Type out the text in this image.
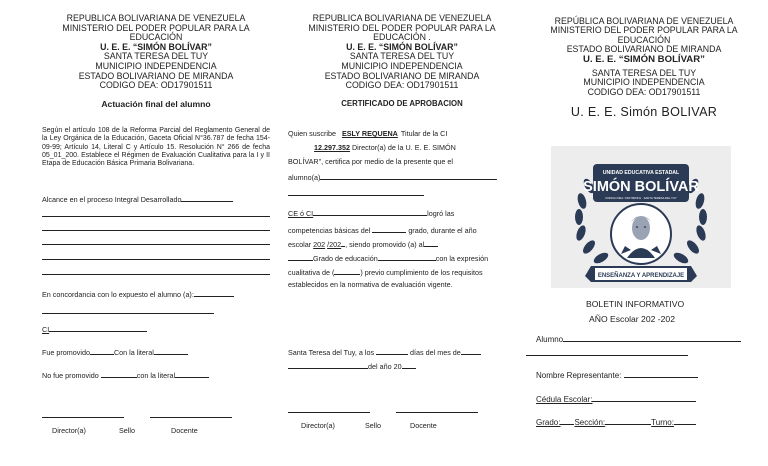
REPUBLICA BOLIVARIANA DE VENEZUELA
MINISTERIO DEL PODER POPULAR PARA LA
EDUCACIÓN
U. E. E. “SIMÓN BOLÍVAR”
SANTA TERESA DEL TUY
MUNICIPIO INDEPENDENCIA
ESTADO BOLIVARIANO DE MIRANDA
CODIGO DEA: OD17901511
Actuación final del alumno
Según el artículo 108 de la Reforma Parcial del Reglamento General de la Ley Orgánica de la Educación, Gaceta Oficial N°36.787 de fecha 154-09-99; Artículo 14, Literal C y Artículo 15. Resolución N° 266 de fecha 05_01_200. Establece el Régimen de Evaluación Cualitativa para la I y II Etapa de Educación Básica Primaria Bolivariana.
Alcance en el proceso Integral Desarrollado
En concordancia con lo expuesto el alumno (a):
CI
Fue promovido	Con la literal
No fue promovido	con la literal
Director(a)	Sello	Docente
REPUBLICA BOLIVARIANA DE VENEZUELA
MINISTERIO DEL PODER POPULAR PARA LA
EDUCACIÓN .
U. E. E. “SIMÓN BOLÍVAR”
SANTA TERESA DEL TUY
MUNICIPIO INDEPENDENCIA
ESTADO BOLIVARIANO DE MIRANDA
CODIGO DEA: OD17901511
CERTIFICADO DE APROBACION
Quien suscribe ESLY REQUENA Titular de la CI
12.297.352 Director(a) de la U. E. E. SIMÓN
BOLÍVAR", certifica por medio de la presente que el
alumno(a)
CE ó CI	logró las
competencias básicas del	grado, durante el año
escolar 202 /202 , siendo promovido (a) al
Grado de educación	con la expresión
cualitativa de (	) previo cumplimiento de los requisitos
establecidos en la normativa de evaluación vigente.
Santa Teresa del Tuy, a los	días del mes de
del año 20
Director(a)	Sello	Docente
REPÚBLICA BOLIVARIANA DE VENEZUELA
MINISTERIO DEL PODER POPULAR PARA LA
EDUCACIÓN
ESTADO BOLIVARIANO DE MIRANDA
U. E. E. “SIMÓN BOLÍVAR”
SANTA TERESA DEL TUY
MUNICIPIO INDEPENDENCIA
CODIGO DEA: OD17901511
U. E. E. Simón BOLIVAR
UNIDAD EDUCATIVA ESTADAL
SIMÓN BOLÍVAR
CODIGO DEA: OD17901511 · SANTA TERESA DEL TUY
ENSEÑANZA Y APRENDIZAJE
BOLETIN INFORMATIVO
AÑO Escolar 202 -202
Alumno
Nombre Representante:
Cédula Escolar:
Grado: Sección:	Turno:
